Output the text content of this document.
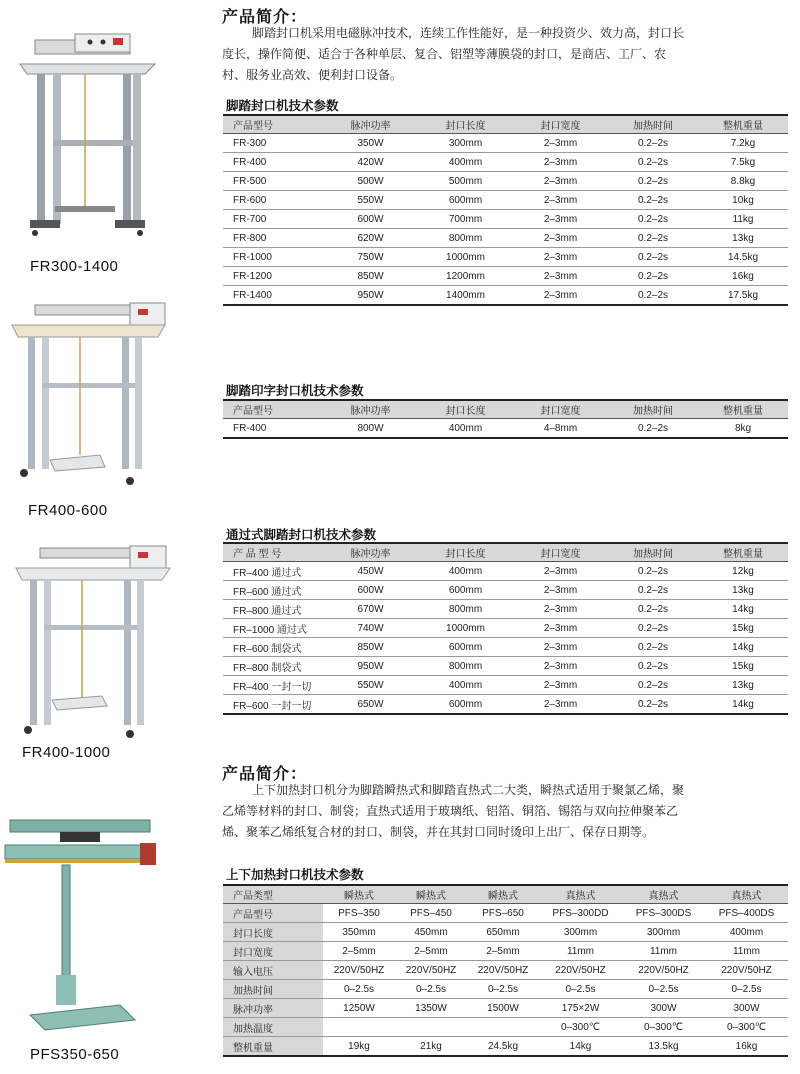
FR300-1400
FR400-600
FR400-1000
PFS350-650
产品简介：
脚踏封口机采用电磁脉冲技术，连续工作性能好，是一种投资少、效力高，封口长
度长，操作简便、适合于各种单层、复合、铝塑等薄膜袋的封口，是商店、工厂、农
村、服务业高效、便利封口设备。
脚踏封口机技术参数
产品型号	脉冲功率	封口长度	封口宽度	加热时间	整机重量
FR-300	350W	300mm	2–3mm	0.2–2s	7.2kg
FR-400	420W	400mm	2–3mm	0.2–2s	7.5kg
FR-500	500W	500mm	2–3mm	0.2–2s	8.8kg
FR-600	550W	600mm	2–3mm	0.2–2s	10kg
FR-700	600W	700mm	2–3mm	0.2–2s	11kg
FR-800	620W	800mm	2–3mm	0.2–2s	13kg
FR-1000	750W	1000mm	2–3mm	0.2–2s	14.5kg
FR-1200	850W	1200mm	2–3mm	0.2–2s	16kg
FR-1400	950W	1400mm	2–3mm	0.2–2s	17.5kg
脚踏印字封口机技术参数
产品型号	脉冲功率	封口长度	封口宽度	加热时间	整机重量
FR-400	800W	400mm	4–8mm	0.2–2s	8kg
通过式脚踏封口机技术参数
产 品 型 号	脉冲功率	封口长度	封口宽度	加热时间	整机重量
FR–400 通过式	450W	400mm	2–3mm	0.2–2s	12kg
FR–600 通过式	600W	600mm	2–3mm	0.2–2s	13kg
FR–800 通过式	670W	800mm	2–3mm	0.2–2s	14kg
FR–1000 通过式	740W	1000mm	2–3mm	0.2–2s	15kg
FR–600 制袋式	850W	600mm	2–3mm	0.2–2s	14kg
FR–800 制袋式	950W	800mm	2–3mm	0.2–2s	15kg
FR–400 一封一切	550W	400mm	2–3mm	0.2–2s	13kg
FR–600 一封一切	650W	600mm	2–3mm	0.2–2s	14kg
产品简介：
上下加热封口机分为脚踏瞬热式和脚踏直热式二大类，瞬热式适用于聚氯乙烯，聚
乙烯等材料的封口、制袋；直热式适用于玻璃纸、铝箔、铜箔、锡箔与双向拉伸聚苯乙
烯、聚苯乙烯纸复合材的封口、制袋，并在其封口同时烫印上出厂、保存日期等。
上下加热封口机技术参数
产品类型	瞬热式	瞬热式	瞬热式	真热式	真热式	真热式
产品型号	PFS–350	PFS–450	PFS–650	PFS–300DD	PFS–300DS	PFS–400DS
封口长度	350mm	450mm	650mm	300mm	300mm	400mm
封口宽度	2–5mm	2–5mm	2–5mm	11mm	11mm	11mm
输入电压	220V/50HZ	220V/50HZ	220V/50HZ	220V/50HZ	220V/50HZ	220V/50HZ
加热时间	0–2.5s	0–2.5s	0–2.5s	0–2.5s	0–2.5s	0–2.5s
脉冲功率	1250W	1350W	1500W	175×2W	300W	300W
加热温度				0–300℃	0–300℃	0–300℃
整机重量	19kg	21kg	24.5kg	14kg	13.5kg	16kg
